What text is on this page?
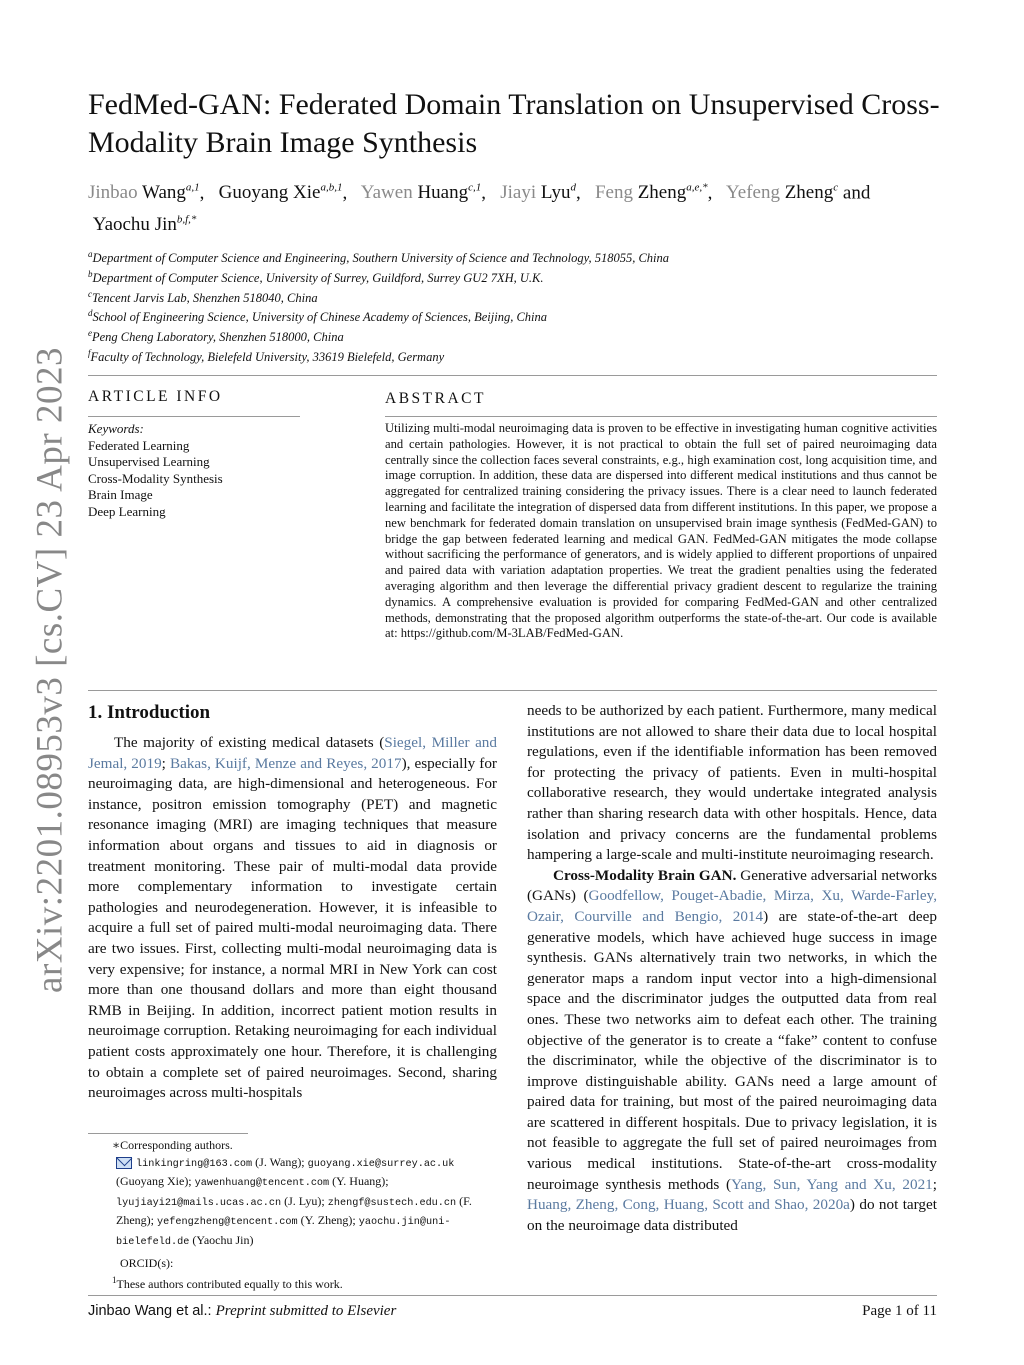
arXiv:2201.08953v3 [cs.CV] 23 Apr 2023
FedMed-GAN: Federated Domain Translation on Unsupervised Cross-Modality Brain Image Synthesis
Jinbao Wang$^{a,1}$,   Guoyang Xie$^{a,b,1}$,   Yawen Huang$^{c,1}$,   Jiayi Lyu$^d$,   Feng Zheng$^{a,e,*}$,   Yefeng Zheng$^c$ and
Yaochu Jin$^{b,f,*}$
$^a$Department of Computer Science and Engineering, Southern University of Science and Technology, 518055, China
$^b$Department of Computer Science, University of Surrey, Guildford, Surrey GU2 7XH, U.K.
$^c$Tencent Jarvis Lab, Shenzhen 518040, China
$^d$School of Engineering Science, University of Chinese Academy of Sciences, Beijing, China
$^e$Peng Cheng Laboratory, Shenzhen 518000, China
$^f$Faculty of Technology, Bielefeld University, 33619 Bielefeld, Germany
ARTICLE INFO	ABSTRACT
Keywords:
Federated Learning
Unsupervised Learning
Cross-Modality Synthesis
Brain Image
Deep Learning
Utilizing multi-modal neuroimaging data is proven to be effective in investigating human cognitive activities and certain pathologies. However, it is not practical to obtain the full set of paired neuroimaging data centrally since the collection faces several constraints, e.g., high examination cost, long acquisition time, and image corruption. In addition, these data are dispersed into different medical institutions and thus cannot be aggregated for centralized training considering the privacy issues. There is a clear need to launch federated learning and facilitate the integration of dispersed data from different institutions. In this paper, we propose a new benchmark for federated domain translation on unsupervised brain image synthesis (FedMed-GAN) to bridge the gap between federated learning and medical GAN. FedMed-GAN mitigates the mode collapse without sacrificing the performance of generators, and is widely applied to different proportions of unpaired and paired data with variation adaptation properties. We treat the gradient penalties using the federated averaging algorithm and then leverage the differential privacy gradient descent to regularize the training dynamics. A comprehensive evaluation is provided for comparing FedMed-GAN and other centralized methods, demonstrating that the proposed algorithm outperforms the state-of-the-art. Our code is available at: https://github.com/M-3LAB/FedMed-GAN.
1. Introduction

The majority of existing medical datasets (Siegel, Miller and Jemal, 2019; Bakas, Kuijf, Menze and Reyes, 2017), especially for neuroimaging data, are high-dimensional and heterogeneous. For instance, positron emission tomography (PET) and magnetic resonance imaging (MRI) are imaging techniques that measure information about organs and tissues to aid in diagnosis or treatment monitoring. These pair of multi-modal data provide more complementary information to investigate certain pathologies and neurodegeneration. However, it is infeasible to acquire a full set of paired multi-modal neuroimaging data. There are two issues. First, collecting multi-modal neuroimaging data is very expensive; for instance, a normal MRI in New York can cost more than one thousand dollars and more than eight thousand RMB in Beijing. In addition, incorrect patient motion results in neuroimage corruption. Retaking neuroimaging for each individual patient costs approximately one hour. Therefore, it is challenging to obtain a complete set of paired neuroimages. Second, sharing neuroimages across multi-hospitals

needs to be authorized by each patient. Furthermore, many medical institutions are not allowed to share their data due to local hospital regulations, even if the identifiable information has been removed for protecting the privacy of patients. Even in multi-hospital collaborative research, they would undertake integrated analysis rather than sharing research data with other hospitals. Hence, data isolation and privacy concerns are the fundamental problems hampering a large-scale and multi-institute neuroimaging research.

Cross-Modality Brain GAN. Generative adversarial networks (GANs) (Goodfellow, Pouget-Abadie, Mirza, Xu, Warde-Farley, Ozair, Courville and Bengio, 2014) are state-of-the-art deep generative models, which have achieved huge success in image synthesis. GANs alternatively train two networks, in which the generator maps a random input vector into a high-dimensional space and the discriminator judges the outputted data from real ones. These two networks aim to defeat each other. The training objective of the generator is to create a “fake” content to confuse the discriminator, while the objective of the discriminator is to improve distinguishable ability. GANs need a large amount of paired data for training, but most of the paired neuroimaging data are scattered in different hospitals. Due to privacy legislation, it is not feasible to aggregate the full set of paired neuroimages from various medical institutions. State-of-the-art cross-modality neuroimage synthesis methods (Yang, Sun, Yang and Xu, 2021; Huang, Zheng, Cong, Huang, Scott and Shao, 2020a) do not target on the neuroimage data distributed

∗Corresponding authors.
linkingring@163.com (J. Wang); guoyang.xie@surrey.ac.uk (Guoyang Xie); yawenhuang@tencent.com (Y. Huang); lyujiayi21@mails.ucas.ac.cn (J. Lyu); zhengf@sustech.edu.cn (F. Zheng); yefengzheng@tencent.com (Y. Zheng); yaochu.jin@uni-bielefeld.de (Yaochu Jin)
ORCID(s):
$^1$These authors contributed equally to this work.
Jinbao Wang et al.: Preprint submitted to Elsevier	Page 1 of 11
